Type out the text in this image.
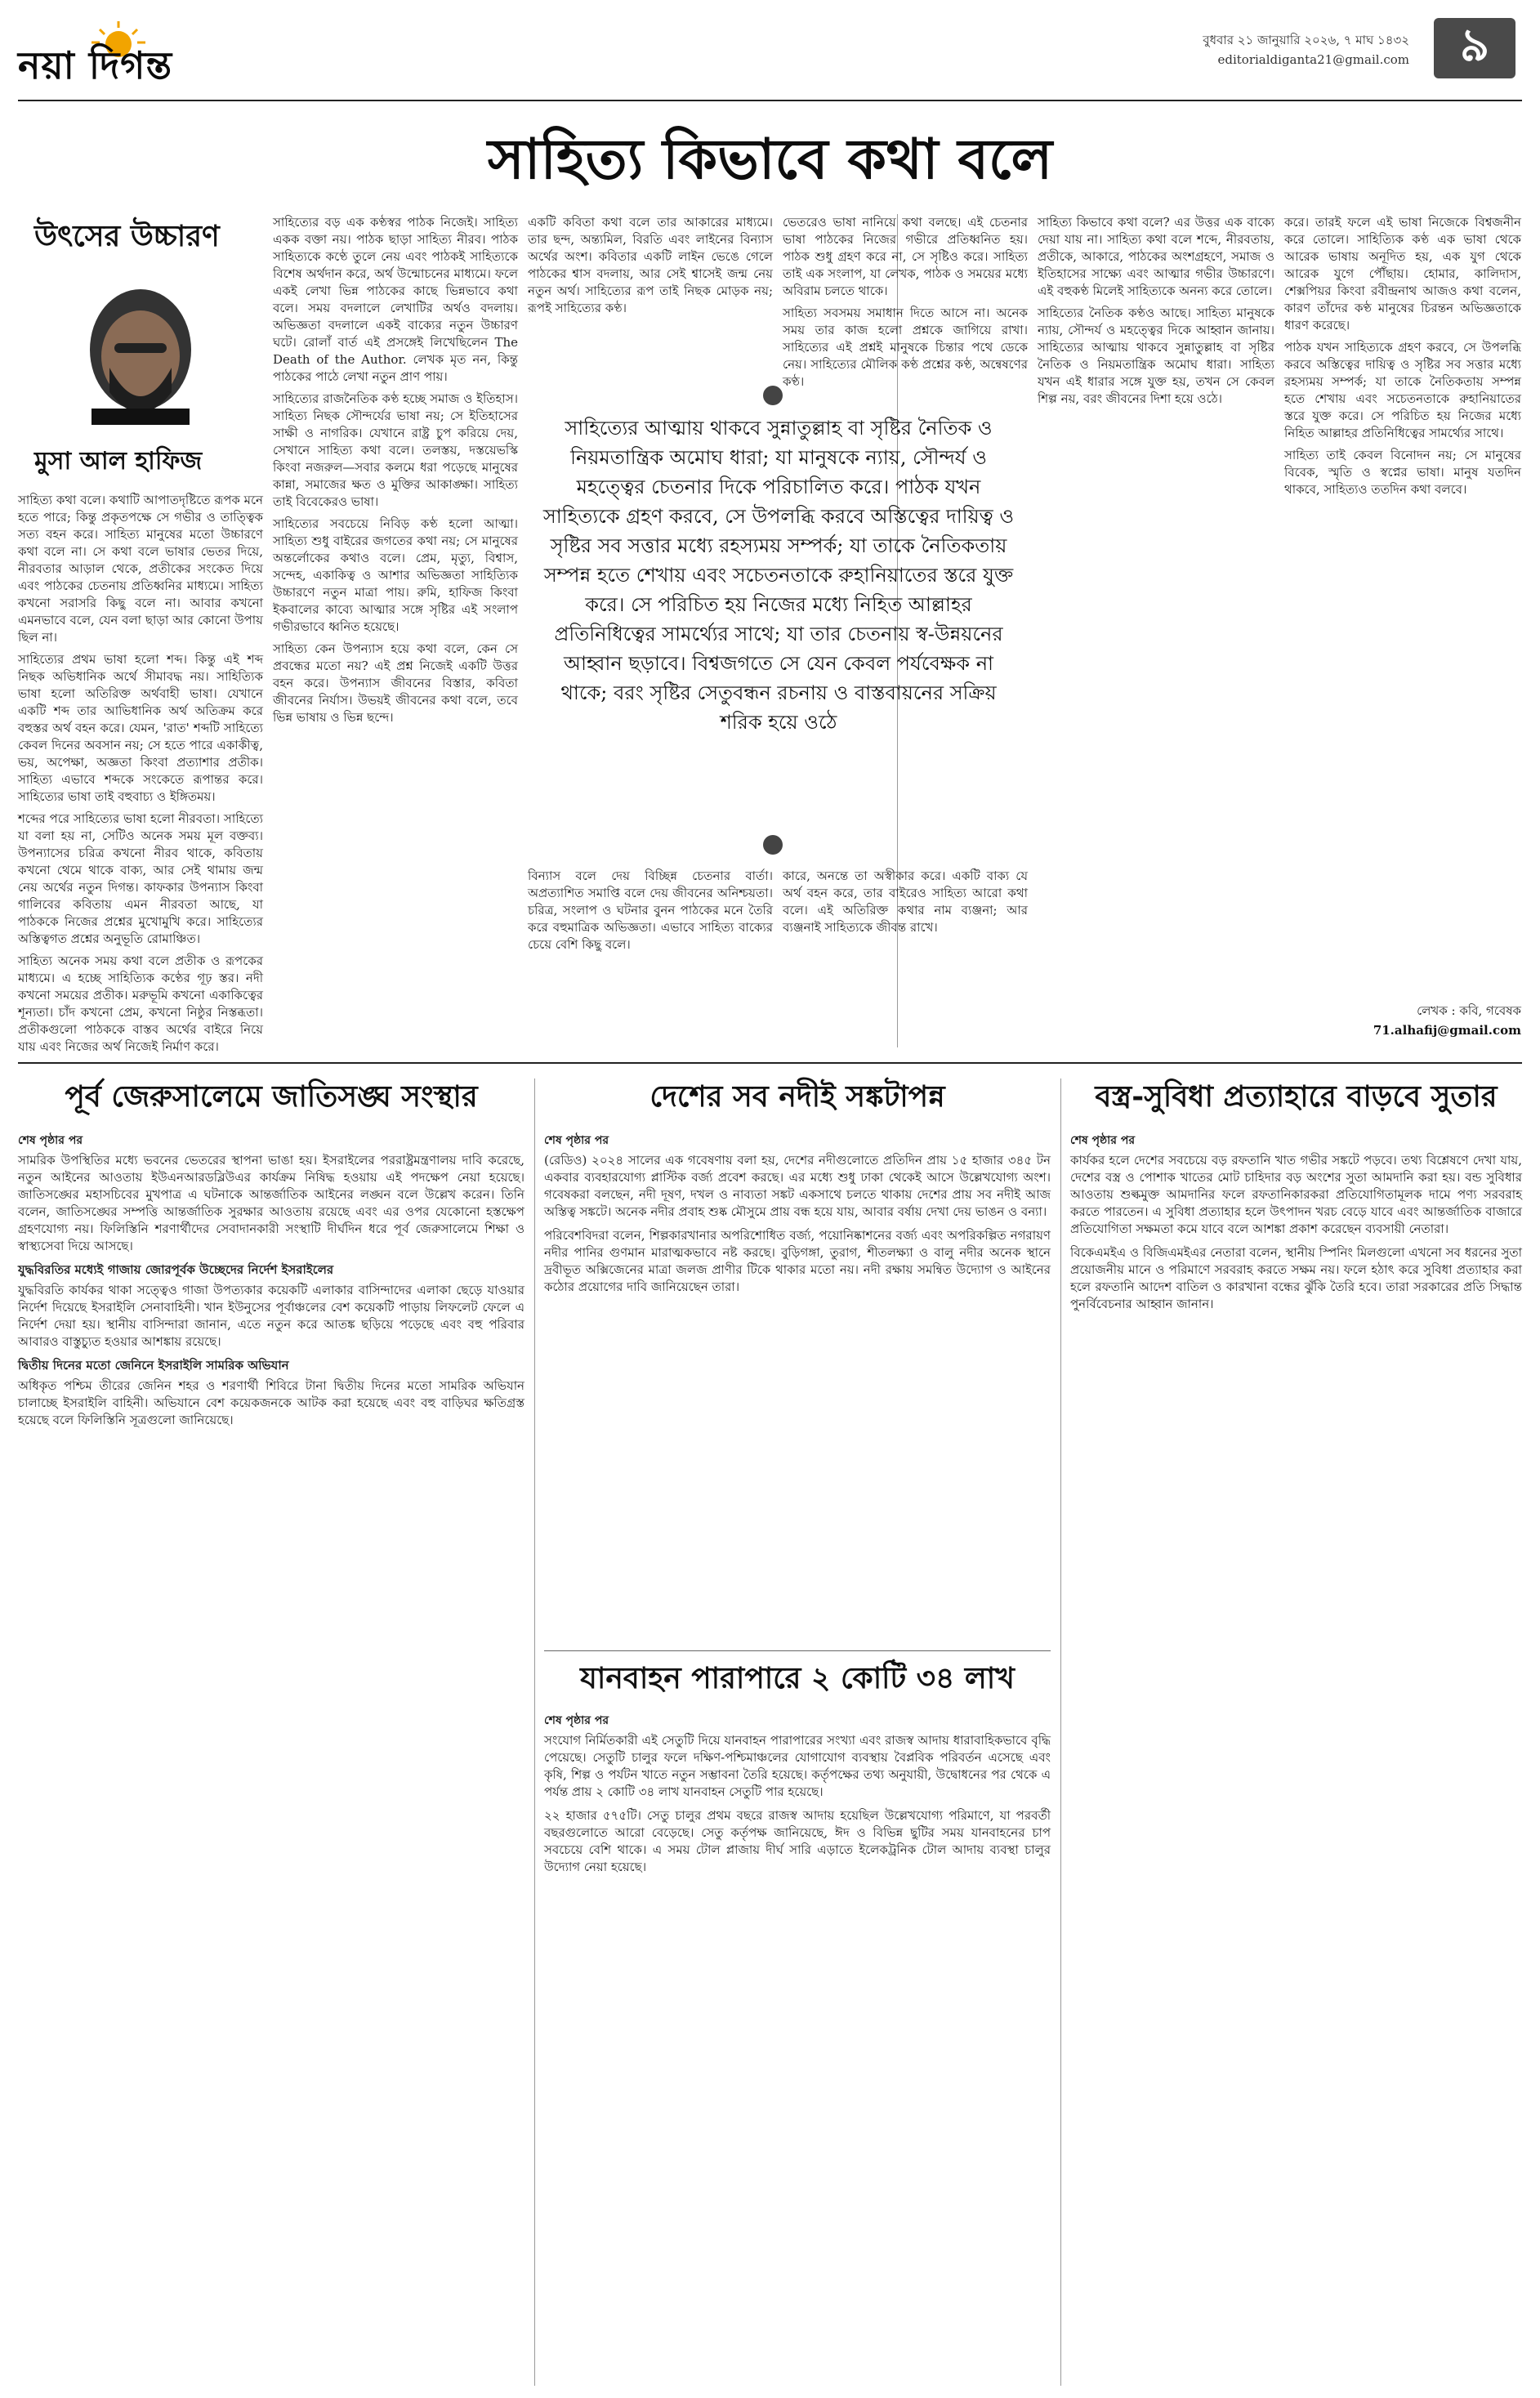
নয়া দিগন্ত
বুধবার ২১ জানুয়ারি ২০২৬, ৭ মাঘ ১৪৩২
editorialdiganta21@gmail.com ৯
সাহিত্য কিভাবে কথা বলে
উৎসের উচ্চারণ
মুসা আল হাফিজ

সাহিত্য কথা বলে। কথাটি আপাতদৃষ্টিতে রূপক মনে হতে পারে; কিন্তু প্রকৃতপক্ষে সে গভীর ও তাত্ত্বিক সত্য বহন করে। সাহিত্য মানুষের মতো উচ্চারণে কথা বলে না। সে কথা বলে ভাষার ভেতর দিয়ে, নীরবতার আড়াল থেকে, প্রতীকের সংকেত দিয়ে এবং পাঠকের চেতনায় প্রতিধ্বনির মাধ্যমে। সাহিত্য কখনো সরাসরি কিছু বলে না। আবার কখনো এমনভাবে বলে, যেন বলা ছাড়া আর কোনো উপায় ছিল না।

সাহিত্যের প্রথম ভাষা হলো শব্দ। কিন্তু এই শব্দ নিছক অভিধানিক অর্থে সীমাবদ্ধ নয়। সাহিত্যিক ভাষা হলো অতিরিক্ত অর্থবাহী ভাষা। যেখানে একটি শব্দ তার আভিধানিক অর্থ অতিক্রম করে বহুস্তর অর্থ বহন করে। যেমন, 'রাত' শব্দটি সাহিত্যে কেবল দিনের অবসান নয়; সে হতে পারে একাকীত্ব, ভয়, অপেক্ষা, অজ্ঞতা কিংবা প্রত্যাশার প্রতীক। সাহিত্য এভাবে শব্দকে সংকেতে রূপান্তর করে। সাহিত্যের ভাষা তাই বহুবাচ্য ও ইঙ্গিতময়।

শব্দের পরে সাহিত্যের ভাষা হলো নীরবতা। সাহিত্যে যা বলা হয় না, সেটিও অনেক সময় মূল বক্তব্য। উপন্যাসের চরিত্র কখনো নীরব থাকে, কবিতায় কখনো থেমে থাকে বাক্য, আর সেই থামায় জন্ম নেয় অর্থের নতুন দিগন্ত। কাফকার উপন্যাস কিংবা গালিবের কবিতায় এমন নীরবতা আছে, যা পাঠককে নিজের প্রশ্নের মুখোমুখি করে। সাহিত্যের অস্তিত্বগত প্রশ্নের অনুভূতি রোমাঞ্চিত।

সাহিত্য অনেক সময় কথা বলে প্রতীক ও রূপকের মাধ্যমে। এ হচ্ছে সাহিত্যিক কণ্ঠের গূঢ় স্তর। নদী কখনো সময়ের প্রতীক। মরুভূমি কখনো একাকিত্বের শূন্যতা। চাঁদ কখনো প্রেম, কখনো নিষ্ঠুর নিস্তব্ধতা। প্রতীকগুলো পাঠককে বাস্তব অর্থের বাইরে নিয়ে যায় এবং নিজের অর্থ নিজেই নির্মাণ করে।

সাহিত্যের বড় এক কণ্ঠস্বর পাঠক নিজেই। সাহিত্য একক বক্তা নয়। পাঠক ছাড়া সাহিত্য নীরব। পাঠক সাহিত্যকে কণ্ঠে তুলে নেয় এবং পাঠকই সাহিত্যকে বিশেষ অর্থদান করে, অর্থ উন্মোচনের মাধ্যমে। ফলে একই লেখা ভিন্ন পাঠকের কাছে ভিন্নভাবে কথা বলে। সময় বদলালে লেখাটির অর্থও বদলায়। অভিজ্ঞতা বদলালে একই বাক্যের নতুন উচ্চারণ ঘটে। রোলাঁ বার্ত এই প্রসঙ্গেই লিখেছিলেন The Death of the Author. লেখক মৃত নন, কিন্তু পাঠকের পাঠে লেখা নতুন প্রাণ পায়।

সাহিত্যের রাজনৈতিক কণ্ঠ হচ্ছে সমাজ ও ইতিহাস। সাহিত্য নিছক সৌন্দর্যের ভাষা নয়; সে ইতিহাসের সাক্ষী ও নাগরিক। যেখানে রাষ্ট্র চুপ করিয়ে দেয়, সেখানে সাহিত্য কথা বলে। তলস্তয়, দস্তয়েভস্কি কিংবা নজরুল—সবার কলমে ধরা পড়েছে মানুষের কান্না, সমাজের ক্ষত ও মুক্তির আকাঙ্ক্ষা। সাহিত্য তাই বিবেকেরও ভাষা।

সাহিত্যের সবচেয়ে নিবিড় কণ্ঠ হলো আত্মা। সাহিত্য শুধু বাইরের জগতের কথা নয়; সে মানুষের অন্তর্লোকের কথাও বলে। প্রেম, মৃত্যু, বিশ্বাস, সন্দেহ, একাকিত্ব ও আশার অভিজ্ঞতা সাহিত্যিক উচ্চারণে নতুন মাত্রা পায়। রুমি, হাফিজ কিংবা ইকবালের কাব্যে আত্মার সঙ্গে সৃষ্টির এই সংলাপ গভীরভাবে ধ্বনিত হয়েছে।

সাহিত্য কেন উপন্যাস হয়ে কথা বলে, কেন সে প্রবন্ধের মতো নয়? এই প্রশ্ন নিজেই একটি উত্তর বহন করে। উপন্যাস জীবনের বিস্তার, কবিতা জীবনের নির্যাস। উভয়ই জীবনের কথা বলে, তবে ভিন্ন ভাষায় ও ভিন্ন ছন্দে।

একটি কবিতা কথা বলে তার আকারের মাধ্যমে। তার ছন্দ, অন্ত্যমিল, বিরতি এবং লাইনের বিন্যাস অর্থের অংশ। কবিতার একটি লাইন ভেঙে গেলে পাঠকের শ্বাস বদলায়, আর সেই শ্বাসেই জন্ম নেয় নতুন অর্থ। সাহিত্যের রূপ তাই নিছক মোড়ক নয়; রূপই সাহিত্যের কণ্ঠ।

ভেতরেও ভাষা নানিয়ে কথা বলছে। এই চেতনার ভাষা পাঠকের নিজের গভীরে প্রতিধ্বনিত হয়। পাঠক শুধু গ্রহণ করে না, সে সৃষ্টিও করে। সাহিত্য তাই এক সংলাপ, যা লেখক, পাঠক ও সময়ের মধ্যে অবিরাম চলতে থাকে।

সাহিত্য সবসময় সমাধান দিতে আসে না। অনেক সময় তার কাজ হলো প্রশ্নকে জাগিয়ে রাখা। সাহিত্যের এই প্রশ্নই মানুষকে চিন্তার পথে ডেকে নেয়। সাহিত্যের মৌলিক কণ্ঠ প্রশ্নের কণ্ঠ, অন্বেষণের কণ্ঠ।

সাহিত্যের আত্মায় থাকবে সুন্নাতুল্লাহ বা সৃষ্টির নৈতিক ও নিয়মতান্ত্রিক অমোঘ ধারা; যা মানুষকে ন্যায়, সৌন্দর্য ও মহত্ত্বের চেতনার দিকে পরিচালিত করে। পাঠক যখন সাহিত্যকে গ্রহণ করবে, সে উপলব্ধি করবে অস্তিত্বের দায়িত্ব ও সৃষ্টির সব সত্তার মধ্যে রহস্যময় সম্পর্ক; যা তাকে নৈতিকতায় সম্পন্ন হতে শেখায় এবং সচেতনতাকে রুহানিয়াতের স্তরে যুক্ত করে। সে পরিচিত হয় নিজের মধ্যে নিহিত আল্লাহর প্রতিনিধিত্বের সামর্থ্যের সাথে; যা তার চেতনায় স্ব-উন্নয়নের আহ্বান ছড়াবে। বিশ্বজগতে সে যেন কেবল পর্যবেক্ষক না থাকে; বরং সৃষ্টির সেতুবন্ধন রচনায় ও বাস্তবায়নের সক্রিয় শরিক হয়ে ওঠে

বিন্যাস বলে দেয় বিচ্ছিন্ন চেতনার বার্তা। অপ্রত্যাশিত সমাপ্তি বলে দেয় জীবনের অনিশ্চয়তা। চরিত্র, সংলাপ ও ঘটনার বুনন পাঠকের মনে তৈরি করে বহুমাত্রিক অভিজ্ঞতা। এভাবে সাহিত্য বাক্যের চেয়ে বেশি কিছু বলে।

কারে, অনন্তে তা অস্বীকার করে। একটি বাক্য যে অর্থ বহন করে, তার বাইরেও সাহিত্য আরো কথা বলে। এই অতিরিক্ত কথার নাম ব্যঞ্জনা; আর ব্যঞ্জনাই সাহিত্যকে জীবন্ত রাখে।

সাহিত্য কিভাবে কথা বলে? এর উত্তর এক বাক্যে দেয়া যায় না। সাহিত্য কথা বলে শব্দে, নীরবতায়, প্রতীকে, আকারে, পাঠকের অংশগ্রহণে, সমাজ ও ইতিহাসের সাক্ষ্যে এবং আত্মার গভীর উচ্চারণে। এই বহুকণ্ঠ মিলেই সাহিত্যকে অনন্য করে তোলে।

সাহিত্যের নৈতিক কণ্ঠও আছে। সাহিত্য মানুষকে ন্যায়, সৌন্দর্য ও মহত্ত্বের দিকে আহ্বান জানায়। সাহিত্যের আত্মায় থাকবে সুন্নাতুল্লাহ বা সৃষ্টির নৈতিক ও নিয়মতান্ত্রিক অমোঘ ধারা। সাহিত্য যখন এই ধারার সঙ্গে যুক্ত হয়, তখন সে কেবল শিল্প নয়, বরং জীবনের দিশা হয়ে ওঠে।

করে। তারই ফলে এই ভাষা নিজেকে বিশ্বজনীন করে তোলে। সাহিত্যিক কণ্ঠ এক ভাষা থেকে আরেক ভাষায় অনূদিত হয়, এক যুগ থেকে আরেক যুগে পৌঁছায়। হোমার, কালিদাস, শেক্সপিয়র কিংবা রবীন্দ্রনাথ আজও কথা বলেন, কারণ তাঁদের কণ্ঠ মানুষের চিরন্তন অভিজ্ঞতাকে ধারণ করেছে।

পাঠক যখন সাহিত্যকে গ্রহণ করবে, সে উপলব্ধি করবে অস্তিত্বের দায়িত্ব ও সৃষ্টির সব সত্তার মধ্যে রহস্যময় সম্পর্ক; যা তাকে নৈতিকতায় সম্পন্ন হতে শেখায় এবং সচেতনতাকে রুহানিয়াতের স্তরে যুক্ত করে। সে পরিচিত হয় নিজের মধ্যে নিহিত আল্লাহর প্রতিনিধিত্বের সামর্থ্যের সাথে।

সাহিত্য তাই কেবল বিনোদন নয়; সে মানুষের বিবেক, স্মৃতি ও স্বপ্নের ভাষা। মানুষ যতদিন থাকবে, সাহিত্যও ততদিন কথা বলবে।

লেখক : কবি, গবেষক
71.alhafij@gmail.com
পূর্ব জেরুসালেমে জাতিসঙ্ঘ সংস্থার
শেষ পৃষ্ঠার পর

সামরিক উপস্থিতির মধ্যে ভবনের ভেতরের স্থাপনা ভাঙা হয়। ইসরাইলের পররাষ্ট্রমন্ত্রণালয় দাবি করেছে, নতুন আইনের আওতায় ইউএনআরডব্লিউএর কার্যক্রম নিষিদ্ধ হওয়ায় এই পদক্ষেপ নেয়া হয়েছে। জাতিসঙ্ঘের মহাসচিবের মুখপাত্র এ ঘটনাকে আন্তর্জাতিক আইনের লঙ্ঘন বলে উল্লেখ করেন। তিনি বলেন, জাতিসঙ্ঘের সম্পত্তি আন্তর্জাতিক সুরক্ষার আওতায় রয়েছে এবং এর ওপর যেকোনো হস্তক্ষেপ গ্রহণযোগ্য নয়। ফিলিস্তিনি শরণার্থীদের সেবাদানকারী সংস্থাটি দীর্ঘদিন ধরে পূর্ব জেরুসালেমে শিক্ষা ও স্বাস্থ্যসেবা দিয়ে আসছে।

যুদ্ধবিরতির মধ্যেই গাজায় জোরপূর্বক উচ্ছেদের নির্দেশ ইসরাইলের

যুদ্ধবিরতি কার্যকর থাকা সত্ত্বেও গাজা উপত্যকার কয়েকটি এলাকার বাসিন্দাদের এলাকা ছেড়ে যাওয়ার নির্দেশ দিয়েছে ইসরাইলি সেনাবাহিনী। খান ইউনুসের পূর্বাঞ্চলের বেশ কয়েকটি পাড়ায় লিফলেট ফেলে এ নির্দেশ দেয়া হয়। স্থানীয় বাসিন্দারা জানান, এতে নতুন করে আতঙ্ক ছড়িয়ে পড়েছে এবং বহু পরিবার আবারও বাস্তুচ্যুত হওয়ার আশঙ্কায় রয়েছে।

দ্বিতীয় দিনের মতো জেনিনে ইসরাইলি সামরিক অভিযান

অধিকৃত পশ্চিম তীরের জেনিন শহর ও শরণার্থী শিবিরে টানা দ্বিতীয় দিনের মতো সামরিক অভিযান চালাচ্ছে ইসরাইলি বাহিনী। অভিযানে বেশ কয়েকজনকে আটক করা হয়েছে এবং বহু বাড়িঘর ক্ষতিগ্রস্ত হয়েছে বলে ফিলিস্তিনি সূত্রগুলো জানিয়েছে।

দেশের সব নদীই সঙ্কটাপন্ন
শেষ পৃষ্ঠার পর

(রেডিও) ২০২৪ সালের এক গবেষণায় বলা হয়, দেশের নদীগুলোতে প্রতিদিন প্রায় ১৫ হাজার ৩৪৫ টন একবার ব্যবহারযোগ্য প্লাস্টিক বর্জ্য প্রবেশ করছে। এর মধ্যে শুধু ঢাকা থেকেই আসে উল্লেখযোগ্য অংশ। গবেষকরা বলছেন, নদী দূষণ, দখল ও নাব্যতা সঙ্কট একসাথে চলতে থাকায় দেশের প্রায় সব নদীই আজ অস্তিত্ব সঙ্কটে। অনেক নদীর প্রবাহ শুষ্ক মৌসুমে প্রায় বন্ধ হয়ে যায়, আবার বর্ষায় দেখা দেয় ভাঙন ও বন্যা।

পরিবেশবিদরা বলেন, শিল্পকারখানার অপরিশোধিত বর্জ্য, পয়োনিষ্কাশনের বর্জ্য এবং অপরিকল্পিত নগরায়ণ নদীর পানির গুণমান মারাত্মকভাবে নষ্ট করছে। বুড়িগঙ্গা, তুরাগ, শীতলক্ষ্যা ও বালু নদীর অনেক স্থানে দ্রবীভূত অক্সিজেনের মাত্রা জলজ প্রাণীর টিকে থাকার মতো নয়। নদী রক্ষায় সমন্বিত উদ্যোগ ও আইনের কঠোর প্রয়োগের দাবি জানিয়েছেন তারা।

যানবাহন পারাপারে ২ কোটি ৩৪ লাখ
শেষ পৃষ্ঠার পর

সংযোগ নির্মিতকারী এই সেতুটি দিয়ে যানবাহন পারাপারের সংখ্যা এবং রাজস্ব আদায় ধারাবাহিকভাবে বৃদ্ধি পেয়েছে। সেতুটি চালুর ফলে দক্ষিণ-পশ্চিমাঞ্চলের যোগাযোগ ব্যবস্থায় বৈপ্লবিক পরিবর্তন এসেছে এবং কৃষি, শিল্প ও পর্যটন খাতে নতুন সম্ভাবনা তৈরি হয়েছে। কর্তৃপক্ষের তথ্য অনুযায়ী, উদ্বোধনের পর থেকে এ পর্যন্ত প্রায় ২ কোটি ৩৪ লাখ যানবাহন সেতুটি পার হয়েছে।

২২ হাজার ৫৭৫টি। সেতু চালুর প্রথম বছরে রাজস্ব আদায় হয়েছিল উল্লেখযোগ্য পরিমাণে, যা পরবর্তী বছরগুলোতে আরো বেড়েছে। সেতু কর্তৃপক্ষ জানিয়েছে, ঈদ ও বিভিন্ন ছুটির সময় যানবাহনের চাপ সবচেয়ে বেশি থাকে। এ সময় টোল প্লাজায় দীর্ঘ সারি এড়াতে ইলেকট্রনিক টোল আদায় ব্যবস্থা চালুর উদ্যোগ নেয়া হয়েছে।

বস্ত্র-সুবিধা প্রত্যাহারে বাড়বে সুতার
শেষ পৃষ্ঠার পর

কার্যকর হলে দেশের সবচেয়ে বড় রফতানি খাত গভীর সঙ্কটে পড়বে। তথ্য বিশ্লেষণে দেখা যায়, দেশের বস্ত্র ও পোশাক খাতের মোট চাহিদার বড় অংশের সুতা আমদানি করা হয়। বন্ড সুবিধার আওতায় শুল্কমুক্ত আমদানির ফলে রফতানিকারকরা প্রতিযোগিতামূলক দামে পণ্য সরবরাহ করতে পারতেন। এ সুবিধা প্রত্যাহার হলে উৎপাদন খরচ বেড়ে যাবে এবং আন্তর্জাতিক বাজারে প্রতিযোগিতা সক্ষমতা কমে যাবে বলে আশঙ্কা প্রকাশ করেছেন ব্যবসায়ী নেতারা।

বিকেএমইএ ও বিজিএমইএর নেতারা বলেন, স্থানীয় স্পিনিং মিলগুলো এখনো সব ধরনের সুতা প্রয়োজনীয় মানে ও পরিমাণে সরবরাহ করতে সক্ষম নয়। ফলে হঠাৎ করে সুবিধা প্রত্যাহার করা হলে রফতানি আদেশ বাতিল ও কারখানা বন্ধের ঝুঁকি তৈরি হবে। তারা সরকারের প্রতি সিদ্ধান্ত পুনর্বিবেচনার আহ্বান জানান।
